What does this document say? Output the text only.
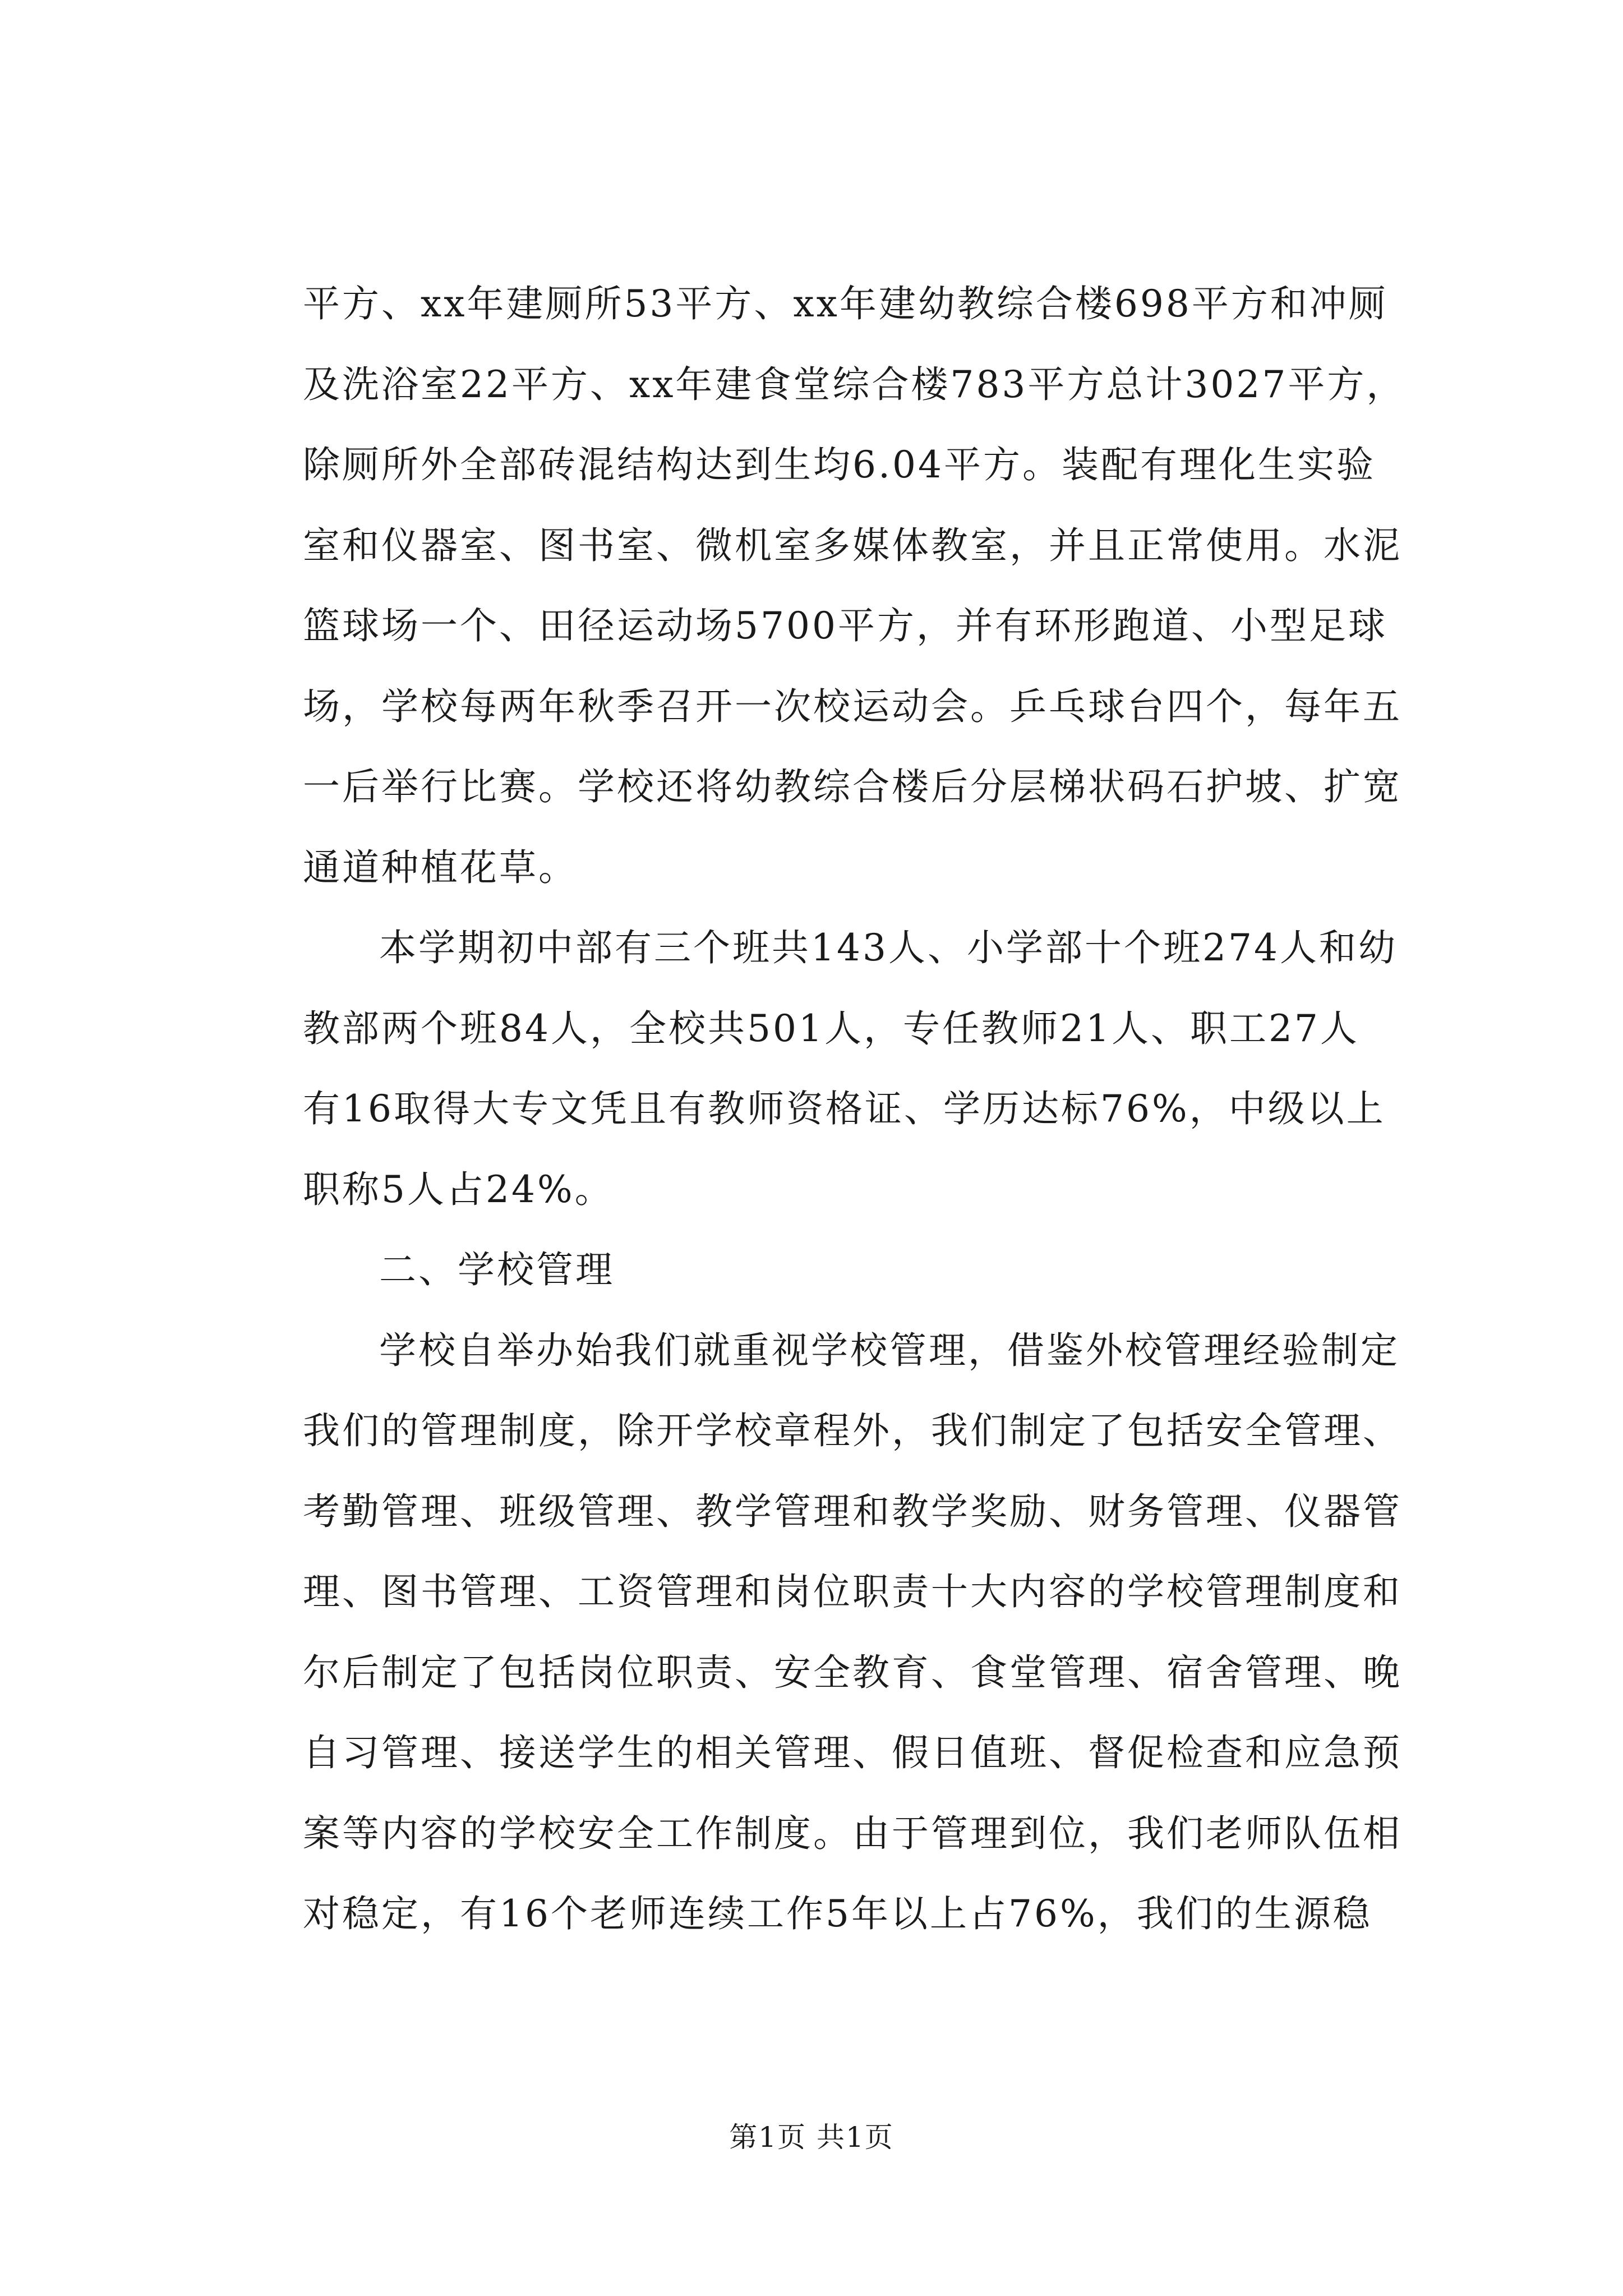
平方、xx年建厕所53平方、xx年建幼教综合楼698平方和冲厕
及洗浴室22平方、xx年建食堂综合楼783平方总计3027平方，
除厕所外全部砖混结构达到生均6.04平方。装配有理化生实验
室和仪器室、图书室、微机室多媒体教室，并且正常使用。水泥
篮球场一个、田径运动场5700平方，并有环形跑道、小型足球
场，学校每两年秋季召开一次校运动会。乒乓球台四个，每年五
一后举行比赛。学校还将幼教综合楼后分层梯状码石护坡、扩宽
通道种植花草。
本学期初中部有三个班共143人、小学部十个班274人和幼
教部两个班84人，全校共501人，专任教师21人、职工27人
有16取得大专文凭且有教师资格证、学历达标76%，中级以上
职称5人占24%。
二、学校管理
学校自举办始我们就重视学校管理，借鉴外校管理经验制定
我们的管理制度，除开学校章程外，我们制定了包括安全管理、
考勤管理、班级管理、教学管理和教学奖励、财务管理、仪器管
理、图书管理、工资管理和岗位职责十大内容的学校管理制度和
尔后制定了包括岗位职责、安全教育、食堂管理、宿舍管理、晚
自习管理、接送学生的相关管理、假日值班、督促检查和应急预
案等内容的学校安全工作制度。由于管理到位，我们老师队伍相
对稳定，有16个老师连续工作5年以上占76%，我们的生源稳
第1页 共1页
